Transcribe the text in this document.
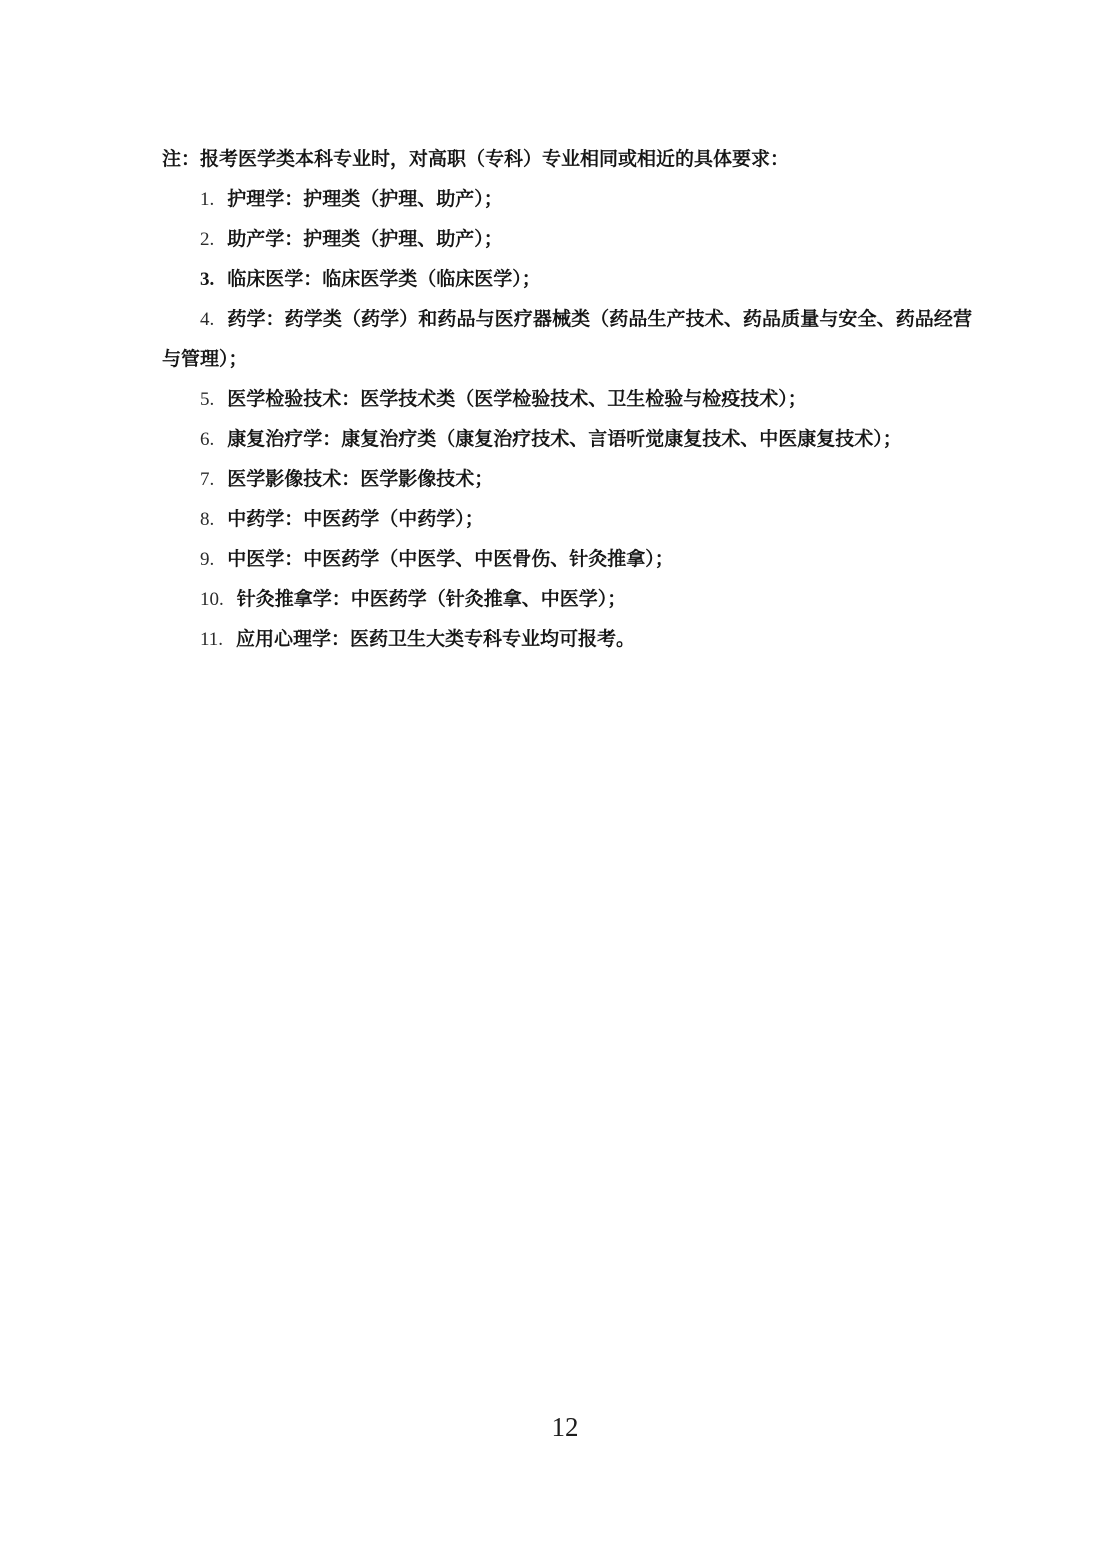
注：报考医学类本科专业时，对高职（专科）专业相同或相近的具体要求：

1. 护理学：护理类（护理、助产）；

2. 助产学：护理类（护理、助产）；

3. 临床医学：临床医学类（临床医学）；

4. 药学：药学类（药学）和药品与医疗器械类（药品生产技术、药品质量与安全、药品经营与管理）；

5. 医学检验技术：医学技术类（医学检验技术、卫生检验与检疫技术）；

6. 康复治疗学：康复治疗类（康复治疗技术、言语听觉康复技术、中医康复技术）；

7. 医学影像技术：医学影像技术；

8. 中药学：中医药学（中药学）；

9. 中医学：中医药学（中医学、中医骨伤、针灸推拿）；

10. 针灸推拿学：中医药学（针灸推拿、中医学）；

11. 应用心理学：医药卫生大类专科专业均可报考。

12
